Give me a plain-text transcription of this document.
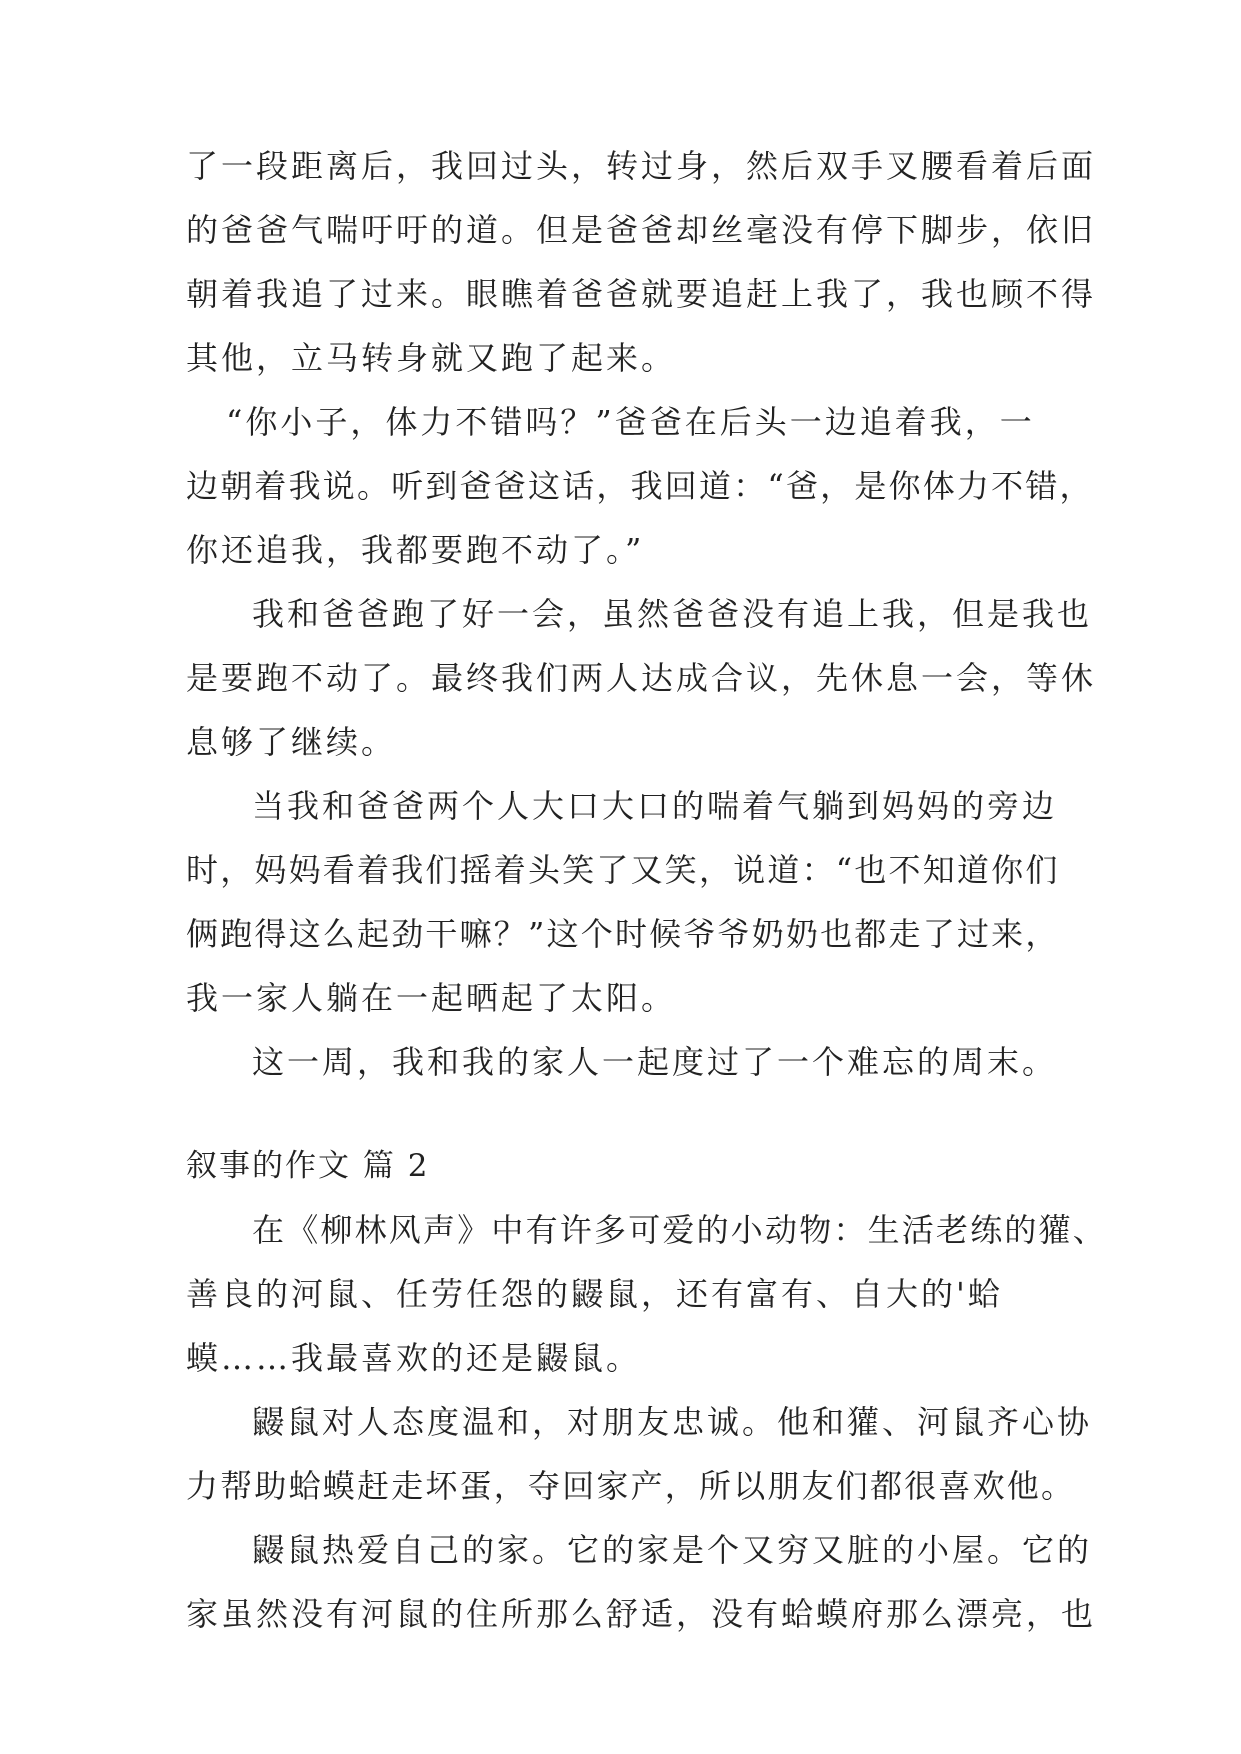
了一段距离后，我回过头，转过身，然后双手叉腰看着后面
的爸爸气喘吁吁的道。但是爸爸却丝毫没有停下脚步，依旧
朝着我追了过来。眼瞧着爸爸就要追赶上我了，我也顾不得
其他，立马转身就又跑了起来。
“你小子，体力不错吗？”爸爸在后头一边追着我，一
边朝着我说。听到爸爸这话，我回道：“爸，是你体力不错，
你还追我，我都要跑不动了。”
我和爸爸跑了好一会，虽然爸爸没有追上我，但是我也
是要跑不动了。最终我们两人达成合议，先休息一会，等休
息够了继续。
当我和爸爸两个人大口大口的喘着气躺到妈妈的旁边
时，妈妈看着我们摇着头笑了又笑，说道：“也不知道你们
俩跑得这么起劲干嘛？”这个时候爷爷奶奶也都走了过来，
我一家人躺在一起晒起了太阳。
这一周，我和我的家人一起度过了一个难忘的周末。
叙事的作文 篇 2
在《柳林风声》中有许多可爱的小动物：生活老练的獾、
善良的河鼠、任劳任怨的鼹鼠，还有富有、自大的'蛤
蟆……我最喜欢的还是鼹鼠。
鼹鼠对人态度温和，对朋友忠诚。他和獾、河鼠齐心协
力帮助蛤蟆赶走坏蛋，夺回家产，所以朋友们都很喜欢他。
鼹鼠热爱自己的家。它的家是个又穷又脏的小屋。它的
家虽然没有河鼠的住所那么舒适，没有蛤蟆府那么漂亮，也
